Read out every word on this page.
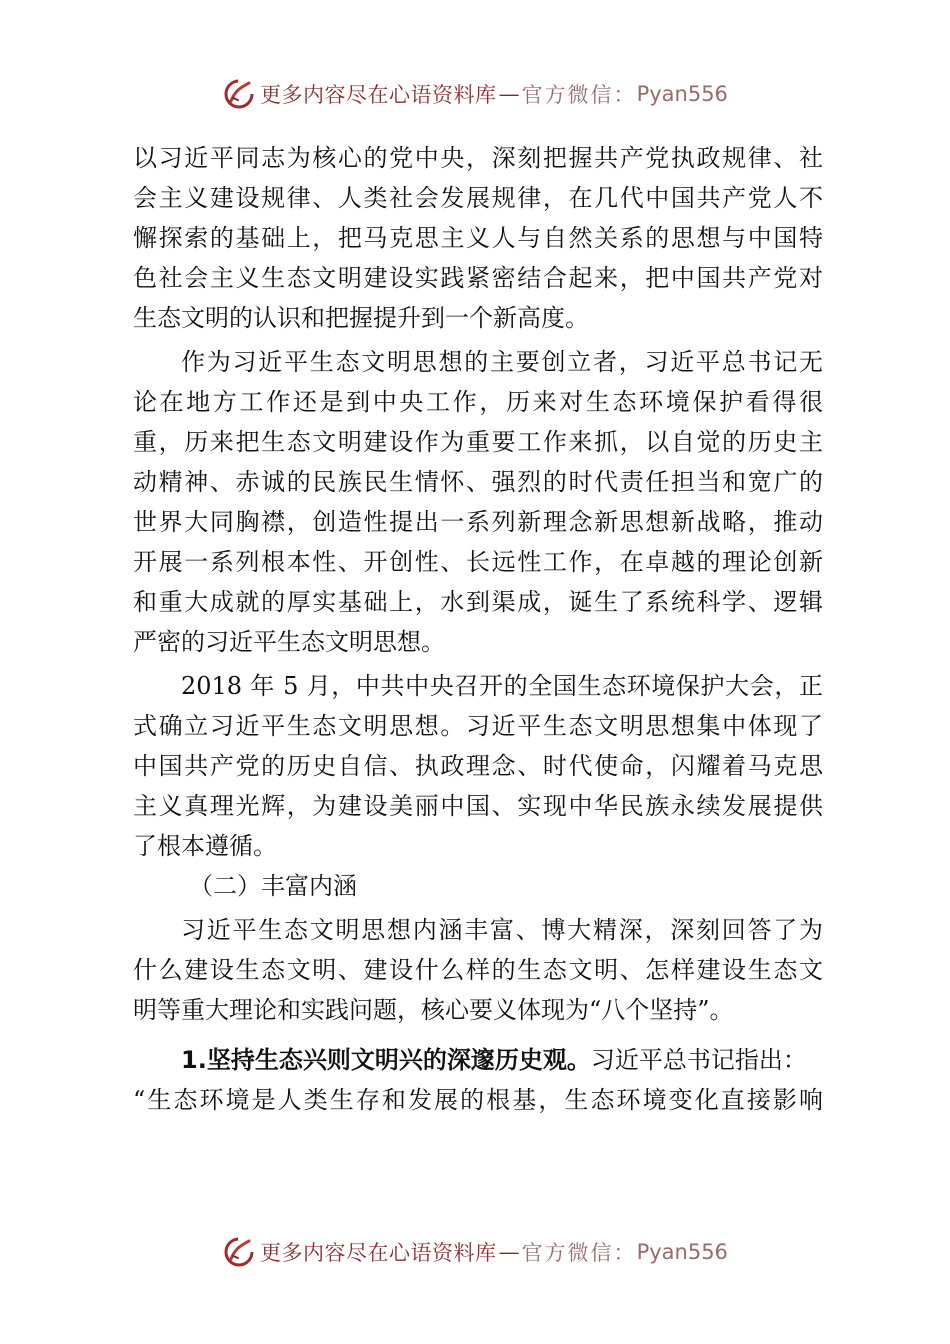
更多内容尽在心语资料库 — 官方微信： Pyan556
以习近平同志为核心的党中央，深刻把握共产党执政规律、社
会主义建设规律、人类社会发展规律，在几代中国共产党人不
懈探索的基础上，把马克思主义人与自然关系的思想与中国特
色社会主义生态文明建设实践紧密结合起来，把中国共产党对
生态文明的认识和把握提升到一个新高度。
作为习近平生态文明思想的主要创立者，习近平总书记无
论在地方工作还是到中央工作，历来对生态环境保护看得很
重，历来把生态文明建设作为重要工作来抓，以自觉的历史主
动精神、赤诚的民族民生情怀、强烈的时代责任担当和宽广的
世界大同胸襟，创造性提出一系列新理念新思想新战略，推动
开展一系列根本性、开创性、长远性工作，在卓越的理论创新
和重大成就的厚实基础上，水到渠成，诞生了系统科学、逻辑
严密的习近平生态文明思想。
2018 年 5 月，中共中央召开的全国生态环境保护大会，正
式确立习近平生态文明思想。习近平生态文明思想集中体现了
中国共产党的历史自信、执政理念、时代使命，闪耀着马克思
主义真理光辉，为建设美丽中国、实现中华民族永续发展提供
了根本遵循。
（二）丰富内涵
习近平生态文明思想内涵丰富、博大精深，深刻回答了为
什么建设生态文明、建设什么样的生态文明、怎样建设生态文
明等重大理论和实践问题，核心要义体现为“八个坚持”。
1.坚持生态兴则文明兴的深邃历史观。习近平总书记指出：
“生态环境是人类生存和发展的根基，生态环境变化直接影响
更多内容尽在心语资料库 — 官方微信： Pyan556
